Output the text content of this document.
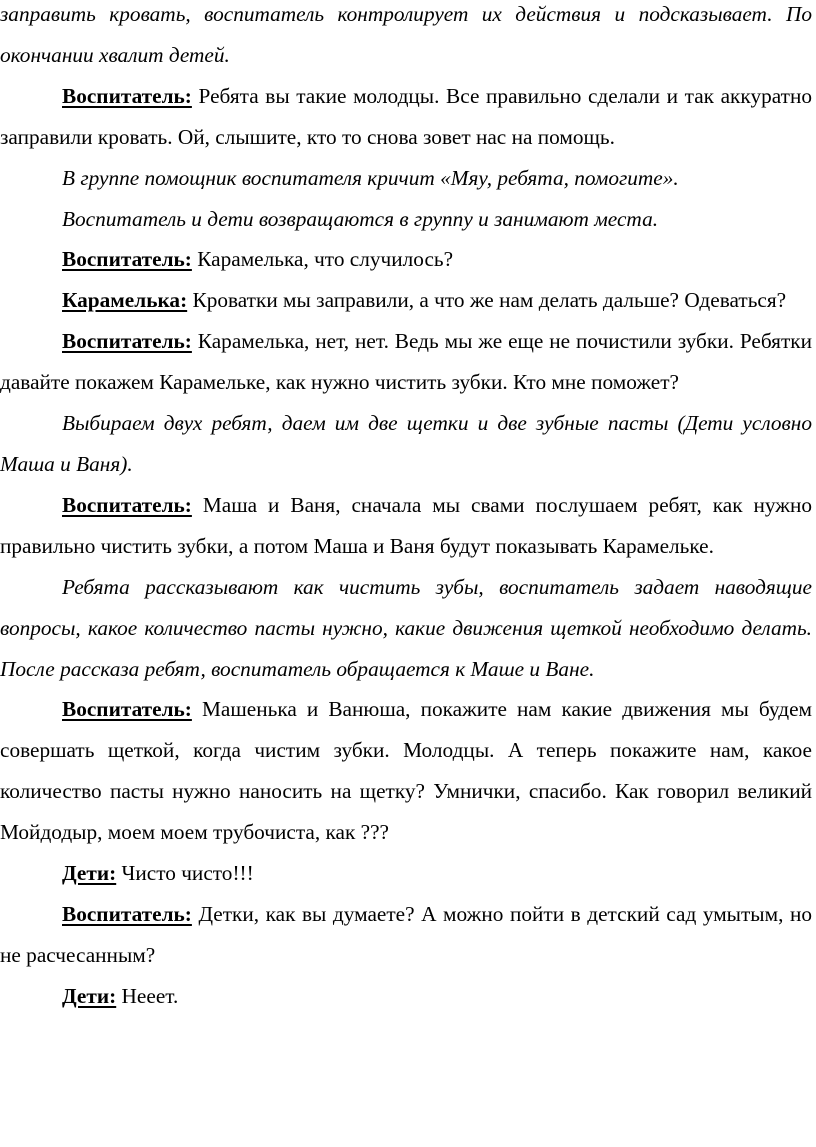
заправить кровать, воспитатель контролирует их действия и подсказывает. По окончании хвалит детей.

Воспитатель: Ребята вы такие молодцы. Все правильно сделали и так аккуратно заправили кровать. Ой, слышите, кто то снова зовет нас на помощь.

В группе помощник воспитателя кричит «Мяу, ребята, помогите».

Воспитатель и дети возвращаются в группу и занимают места.

Воспитатель: Карамелька, что случилось?

Карамелька: Кроватки мы заправили, а что же нам делать дальше? Одеваться?

Воспитатель: Карамелька, нет, нет. Ведь мы же еще не почистили зубки. Ребятки давайте покажем Карамельке, как нужно чистить зубки. Кто мне поможет?

Выбираем двух ребят, даем им две щетки и две зубные пасты (Дети условно Маша и Ваня).

Воспитатель: Маша и Ваня, сначала мы свами послушаем ребят, как нужно правильно чистить зубки, а потом Маша и Ваня будут показывать Карамельке.

Ребята рассказывают как чистить зубы, воспитатель задает наводящие вопросы, какое количество пасты нужно, какие движения щеткой необходимо делать. После рассказа ребят, воспитатель обращается к Маше и Ване.

Воспитатель: Машенька и Ванюша, покажите нам какие движения мы будем совершать щеткой, когда чистим зубки. Молодцы. А теперь покажите нам, какое количество пасты нужно наносить на щетку? Умнички, спасибо. Как говорил великий Мойдодыр, моем моем трубочиста, как ???

Дети: Чисто чисто!!!

Воспитатель: Детки, как вы думаете? А можно пойти в детский сад умытым, но не расчесанным?

Дети: Нееет.
